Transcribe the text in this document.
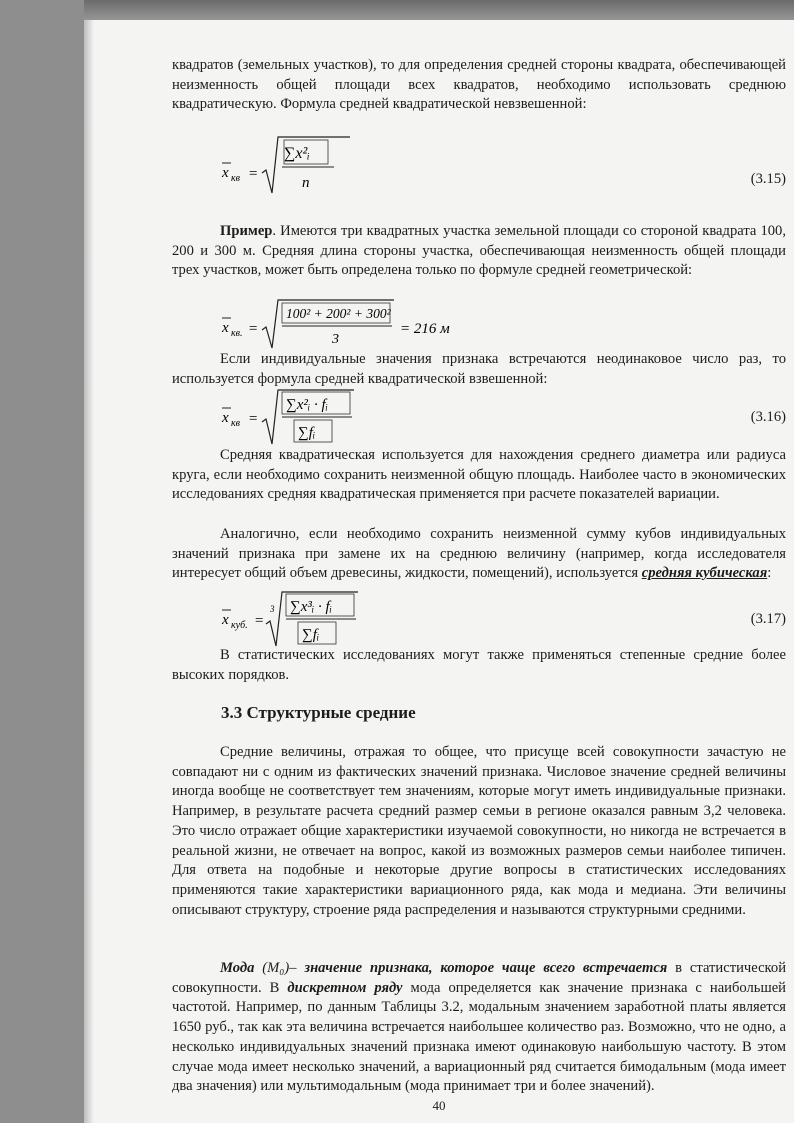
квадратов (земельных участков), то для определения средней стороны квадрата, обеспечивающей неизменность общей площади всех квадратов, необходимо использовать среднюю квадратическую. Формула средней квадратической невзвешенной:

x кв =
∑x²ᵢ
n	(3.15)

Пример. Имеются три квадратных участка земельной площади со стороной квадрата 100, 200 и 300 м. Средняя длина стороны участка, обеспечивающая неизменность общей площади трех участков, может быть определена только по формуле средней геометрической:

x кв. =
100² + 200² + 300²
3
= 216 м

Если индивидуальные значения признака встречаются неодинаковое число раз, то используется формула средней квадратической взвешенной:

x кв =
∑x²ᵢ · fᵢ
∑fᵢ
(3.16)

Средняя квадратическая используется для нахождения среднего диаметра или радиуса круга, если необходимо сохранить неизменной общую площадь. Наиболее часто в экономических исследованиях средняя квадратическая применяется при расчете показателей вариации.

Аналогично, если необходимо сохранить неизменной сумму кубов индивидуальных значений признака при замене их на среднюю величину (например, когда исследователя интересует общий объем древесины, жидкости, помещений), используется средняя кубическая:

x куб. =
3 ∑x³ᵢ · fᵢ
∑fᵢ
(3.17)

В статистических исследованиях могут также применяться степенные средние более высоких порядков.

3.3 Структурные средние

Средние величины, отражая то общее, что присуще всей совокупности зачастую не совпадают ни с одним из фактических значений признака. Числовое значение средней величины иногда вообще не соответствует тем значениям, которые могут иметь индивидуальные признаки. Например, в результате расчета средний размер семьи в регионе оказался равным 3,2 человека. Это число отражает общие характеристики изучаемой совокупности, но никогда не встречается в реальной жизни, не отвечает на вопрос, какой из возможных размеров семьи наиболее типичен. Для ответа на подобные и некоторые другие вопросы в статистических исследованиях применяются такие характеристики вариационного ряда, как мода и медиана. Эти величины описывают структуру, строение ряда распределения и называются структурными средними.

Мода (M₀)– значение признака, которое чаще всего встречается в статистической совокупности. В дискретном ряду мода определяется как значение признака с наибольшей частотой. Например, по данным Таблицы 3.2, модальным значением заработной платы является 1650 руб., так как эта величина встречается наибольшее количество раз. Возможно, что не одно, а несколько индивидуальных значений признака имеют одинаковую наибольшую частоту. В этом случае мода имеет несколько значений, а вариационный ряд считается бимодальным (мода имеет два значения) или мультимодальным (мода принимает три и более значений).

40
